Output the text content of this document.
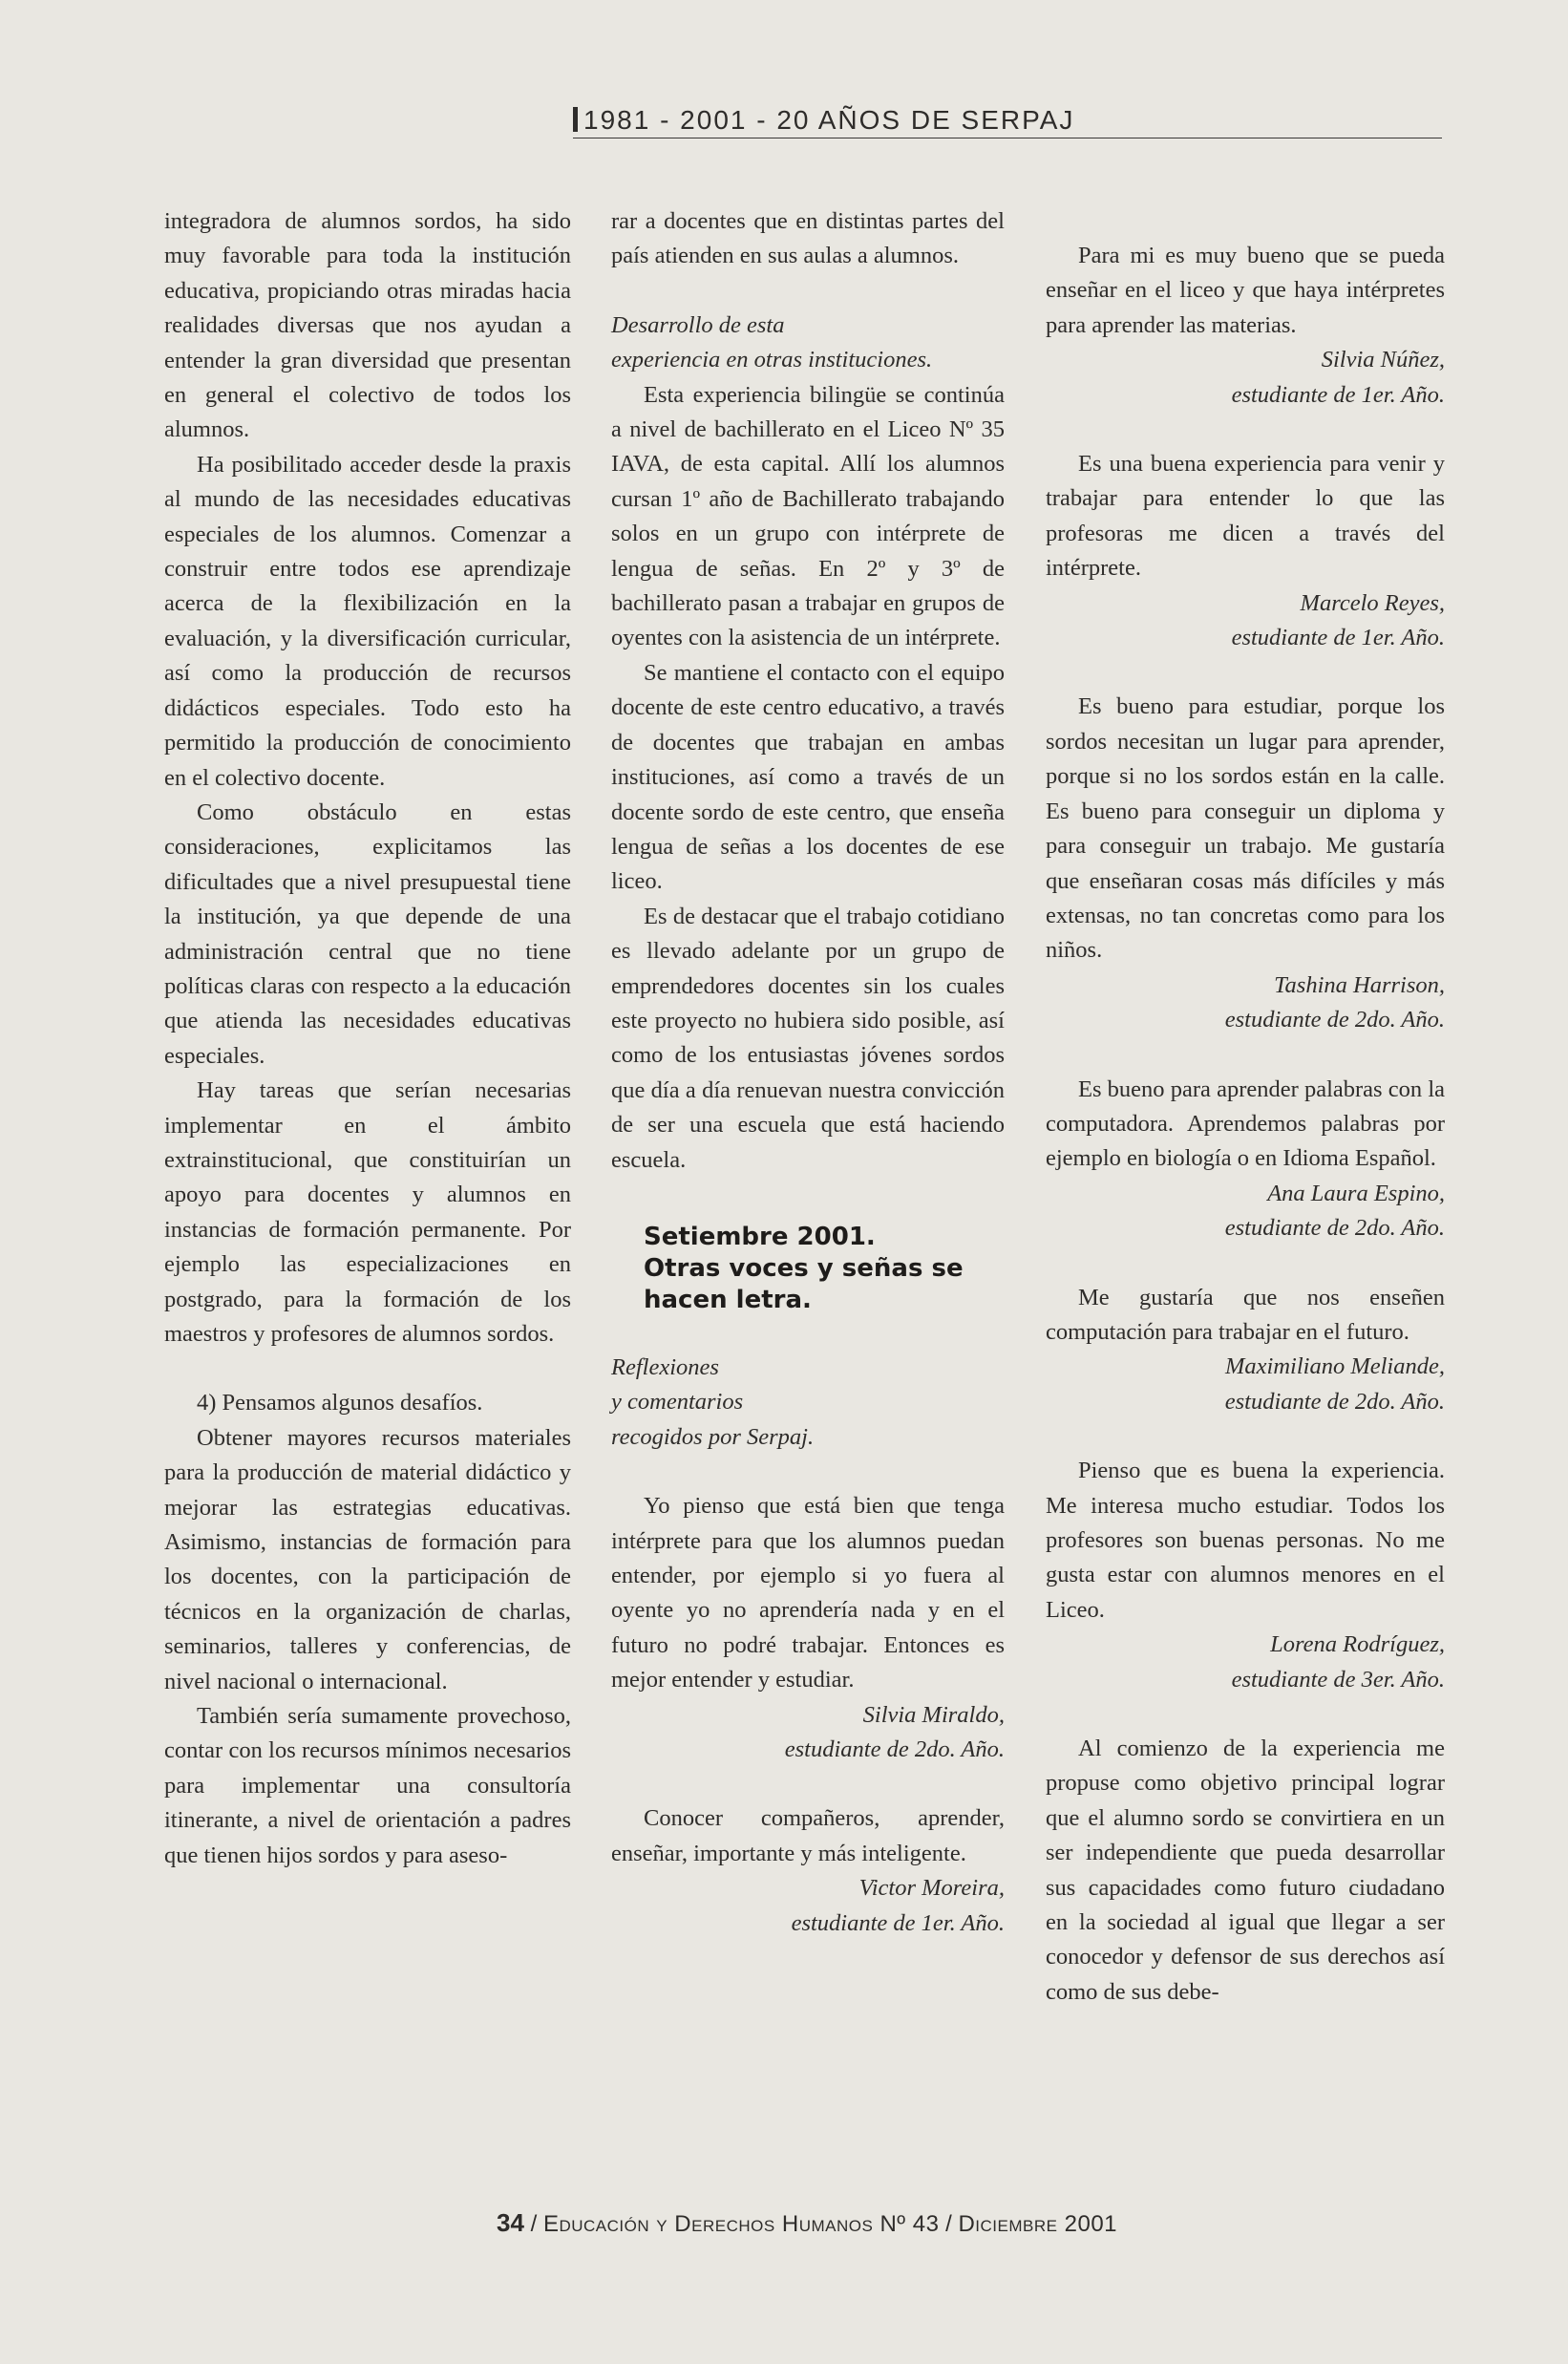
1981 - 2001 - 20 AÑOS DE SERPAJ

integradora de alumnos sordos, ha sido muy favorable para toda la institución educativa, propiciando otras miradas hacia realidades diversas que nos ayudan a entender la gran diversidad que presentan en general el colectivo de todos los alumnos.

Ha posibilitado acceder desde la praxis al mundo de las necesidades educativas especiales de los alumnos. Comenzar a construir entre todos ese aprendizaje acerca de la flexibilización en la evaluación, y la diversificación curricular, así como la producción de recursos didácticos especiales. Todo esto ha permitido la producción de conocimiento en el colectivo docente.

Como obstáculo en estas consideraciones, explicitamos las dificultades que a nivel presupuestal tiene la institución, ya que depende de una administración central que no tiene políticas claras con respecto a la educación que atienda las necesidades educativas especiales.

Hay tareas que serían necesarias implementar en el ámbito extrainstitucional, que constituirían un apoyo para docentes y alumnos en instancias de formación permanente. Por ejemplo las especializaciones en postgrado, para la formación de los maestros y profesores de alumnos sordos.

4) Pensamos algunos desafíos.

Obtener mayores recursos materiales para la producción de material didáctico y mejorar las estrategias educativas. Asimismo, instancias de formación para los docentes, con la participación de técnicos en la organización de charlas, seminarios, talleres y conferencias, de nivel nacional o internacional.

También sería sumamente provechoso, contar con los recursos mínimos necesarios para implementar una consultoría itinerante, a nivel de orientación a padres que tienen hijos sordos y para aseso-

rar a docentes que en distintas partes del país atienden en sus aulas a alumnos.

Desarrollo de esta

experiencia en otras instituciones.

Esta experiencia bilingüe se continúa a nivel de bachillerato en el Liceo Nº 35 IAVA, de esta capital. Allí los alumnos cursan 1º año de Bachillerato trabajando solos en un grupo con intérprete de lengua de señas. En 2º y 3º de bachillerato pasan a trabajar en grupos de oyentes con la asistencia de un intérprete.

Se mantiene el contacto con el equipo docente de este centro educativo, a través de docentes que trabajan en ambas instituciones, así como a través de un docente sordo de este centro, que enseña lengua de señas a los docentes de ese liceo.

Es de destacar que el trabajo cotidiano es llevado adelante por un grupo de emprendedores docentes sin los cuales este proyecto no hubiera sido posible, así como de los entusiastas jóvenes sordos que día a día renuevan nuestra convicción de ser una escuela que está haciendo escuela.

Setiembre 2001.

Otras voces y señas se

hacen letra.

Reflexiones

y comentarios

recogidos por Serpaj.

Yo pienso que está bien que tenga intérprete para que los alumnos puedan entender, por ejemplo si yo fuera al oyente yo no aprendería nada y en el futuro no podré trabajar. Entonces es mejor entender y estudiar.

Silvia Miraldo,

estudiante de 2do. Año.

Conocer compañeros, aprender, enseñar, importante y más inteligente.

Victor Moreira,

estudiante de 1er. Año.

Para mi es muy bueno que se pueda enseñar en el liceo y que haya intérpretes para aprender las materias.

Silvia Núñez,

estudiante de 1er. Año.

Es una buena experiencia para venir y trabajar para entender lo que las profesoras me dicen a través del intérprete.

Marcelo Reyes,

estudiante de 1er. Año.

Es bueno para estudiar, porque los sordos necesitan un lugar para aprender, porque si no los sordos están en la calle. Es bueno para conseguir un diploma y para conseguir un trabajo. Me gustaría que enseñaran cosas más difíciles y más extensas, no tan concretas como para los niños.

Tashina Harrison,

estudiante de 2do. Año.

Es bueno para aprender palabras con la computadora. Aprendemos palabras por ejemplo en biología o en Idioma Español.

Ana Laura Espino,

estudiante de 2do. Año.

Me gustaría que nos enseñen computación para trabajar en el futuro.

Maximiliano Meliande,

estudiante de 2do. Año.

Pienso que es buena la experiencia. Me interesa mucho estudiar. Todos los profesores son buenas personas. No me gusta estar con alumnos menores en el Liceo.

Lorena Rodríguez,

estudiante de 3er. Año.

Al comienzo de la experiencia me propuse como objetivo principal lograr que el alumno sordo se convirtiera en un ser independiente que pueda desarrollar sus capacidades como futuro ciudadano en la sociedad al igual que llegar a ser conocedor y defensor de sus derechos así como de sus debe-

34 / Educación y Derechos Humanos Nº 43 / Diciembre 2001
